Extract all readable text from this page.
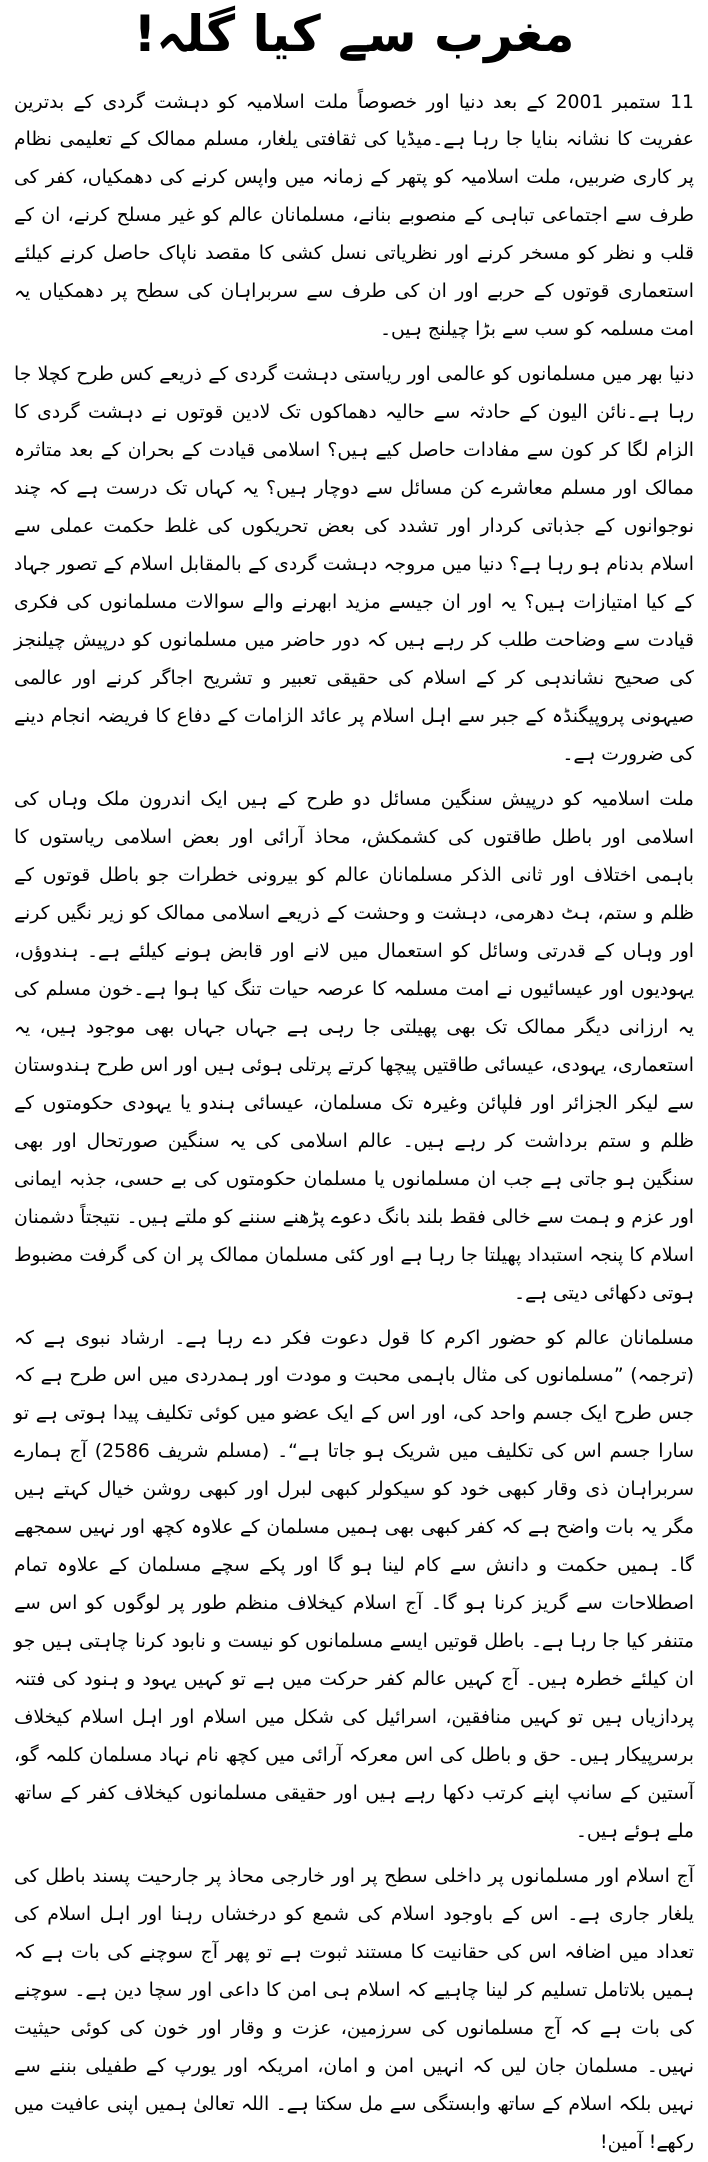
مغرب سے کیا گلہ!

11 ستمبر 2001 کے بعد دنیا اور خصوصاً ملت اسلامیہ کو دہشت گردی کے بدترین عفریت کا نشانہ بنایا جا رہا ہے۔میڈیا کی ثقافتی یلغار، مسلم ممالک کے تعلیمی نظام پر کاری ضربیں، ملت اسلامیہ کو پتھر کے زمانہ میں واپس کرنے کی دھمکیاں، کفر کی طرف سے اجتماعی تباہی کے منصوبے بنانے، مسلمانان عالم کو غیر مسلح کرنے، ان کے قلب و نظر کو مسخر کرنے اور نظریاتی نسل کشی کا مقصد ناپاک حاصل کرنے کیلئے استعماری قوتوں کے حربے اور ان کی طرف سے سربراہان کی سطح پر دھمکیاں یہ امت مسلمہ کو سب سے بڑا چیلنج ہیں۔

دنیا بھر میں مسلمانوں کو عالمی اور ریاستی دہشت گردی کے ذریعے کس طرح کچلا جا رہا ہے۔نائن الیون کے حادثہ سے حالیہ دھماکوں تک لادین قوتوں نے دہشت گردی کا الزام لگا کر کون سے مفادات حاصل کیے ہیں؟ اسلامی قیادت کے بحران کے بعد متاثرہ ممالک اور مسلم معاشرے کن مسائل سے دوچار ہیں؟ یہ کہاں تک درست ہے کہ چند نوجوانوں کے جذباتی کردار اور تشدد کی بعض تحریکوں کی غلط حکمت عملی سے اسلام بدنام ہو رہا ہے؟ دنیا میں مروجہ دہشت گردی کے بالمقابل اسلام کے تصور جہاد کے کیا امتیازات ہیں؟ یہ اور ان جیسے مزید ابھرنے والے سوالات مسلمانوں کی فکری قیادت سے وضاحت طلب کر رہے ہیں کہ دور حاضر میں مسلمانوں کو درپیش چیلنجز کی صحیح نشاندہی کر کے اسلام کی حقیقی تعبیر و تشریح اجاگر کرنے اور عالمی صیہونی پروپیگنڈہ کے جبر سے اہل اسلام پر عائد الزامات کے دفاع کا فریضہ انجام دینے کی ضرورت ہے۔

ملت اسلامیہ کو درپیش سنگین مسائل دو طرح کے ہیں ایک اندرون ملک وہاں کی اسلامی اور باطل طاقتوں کی کشمکش، محاذ آرائی اور بعض اسلامی ریاستوں کا باہمی اختلاف اور ثانی الذکر مسلمانان عالم کو بیرونی خطرات جو باطل قوتوں کے ظلم و ستم، ہٹ دھرمی، دہشت و وحشت کے ذریعے اسلامی ممالک کو زیر نگیں کرنے اور وہاں کے قدرتی وسائل کو استعمال میں لانے اور قابض ہونے کیلئے ہے۔ ہندوؤں، یہودیوں اور عیسائیوں نے امت مسلمہ کا عرصہ حیات تنگ کیا ہوا ہے۔خون مسلم کی یہ ارزانی دیگر ممالک تک بھی پھیلتی جا رہی ہے جہاں جہاں بھی موجود ہیں، یہ استعماری، یہودی، عیسائی طاقتیں پیچھا کرتے پرتلی ہوئی ہیں اور اس طرح ہندوستان سے لیکر الجزائر اور فلپائن وغیرہ تک مسلمان، عیسائی ہندو یا یہودی حکومتوں کے ظلم و ستم برداشت کر رہے ہیں۔ عالم اسلامی کی یہ سنگین صورتحال اور بھی سنگین ہو جاتی ہے جب ان مسلمانوں یا مسلمان حکومتوں کی بے حسی، جذبہ ایمانی اور عزم و ہمت سے خالی فقط بلند بانگ دعوے پڑھنے سننے کو ملتے ہیں۔ نتیجتاً دشمنان اسلام کا پنجہ استبداد پھیلتا جا رہا ہے اور کئی مسلمان ممالک پر ان کی گرفت مضبوط ہوتی دکھائی دیتی ہے۔

مسلمانان عالم کو حضور اکرم کا قول دعوت فکر دے رہا ہے۔ ارشاد نبوی ہے کہ (ترجمہ) ”مسلمانوں کی مثال باہمی محبت و مودت اور ہمدردی میں اس طرح ہے کہ جس طرح ایک جسم واحد کی، اور اس کے ایک عضو میں کوئی تکلیف پیدا ہوتی ہے تو سارا جسم اس کی تکلیف میں شریک ہو جاتا ہے“۔ (مسلم شریف 2586) آج ہمارے سربراہان ذی وقار کبھی خود کو سیکولر کبھی لبرل اور کبھی روشن خیال کہتے ہیں مگر یہ بات واضح ہے کہ کفر کبھی بھی ہمیں مسلمان کے علاوہ کچھ اور نہیں سمجھے گا۔ ہمیں حکمت و دانش سے کام لینا ہو گا اور پکے سچے مسلمان کے علاوہ تمام اصطلاحات سے گریز کرنا ہو گا۔ آج اسلام کیخلاف منظم طور پر لوگوں کو اس سے متنفر کیا جا رہا ہے۔ باطل قوتیں ایسے مسلمانوں کو نیست و نابود کرنا چاہتی ہیں جو ان کیلئے خطرہ ہیں۔ آج کہیں عالم کفر حرکت میں ہے تو کہیں یہود و ہنود کی فتنہ پردازیاں ہیں تو کہیں منافقین، اسرائیل کی شکل میں اسلام اور اہل اسلام کیخلاف برسرپیکار ہیں۔ حق و باطل کی اس معرکہ آرائی میں کچھ نام نہاد مسلمان کلمہ گو، آستین کے سانپ اپنے کرتب دکھا رہے ہیں اور حقیقی مسلمانوں کیخلاف کفر کے ساتھ ملے ہوئے ہیں۔

آج اسلام اور مسلمانوں پر داخلی سطح پر اور خارجی محاذ پر جارحیت پسند باطل کی یلغار جاری ہے۔ اس کے باوجود اسلام کی شمع کو درخشاں رہنا اور اہل اسلام کی تعداد میں اضافہ اس کی حقانیت کا مستند ثبوت ہے تو پھر آج سوچنے کی بات ہے کہ ہمیں بلاتامل تسلیم کر لینا چاہیے کہ اسلام ہی امن کا داعی اور سچا دین ہے۔ سوچنے کی بات ہے کہ آج مسلمانوں کی سرزمین، عزت و وقار اور خون کی کوئی حیثیت نہیں۔ مسلمان جان لیں کہ انہیں امن و امان، امریکہ اور یورپ کے طفیلی بننے سے نہیں بلکہ اسلام کے ساتھ وابستگی سے مل سکتا ہے۔ اللہ تعالیٰ ہمیں اپنی عافیت میں رکھے! آمین!
